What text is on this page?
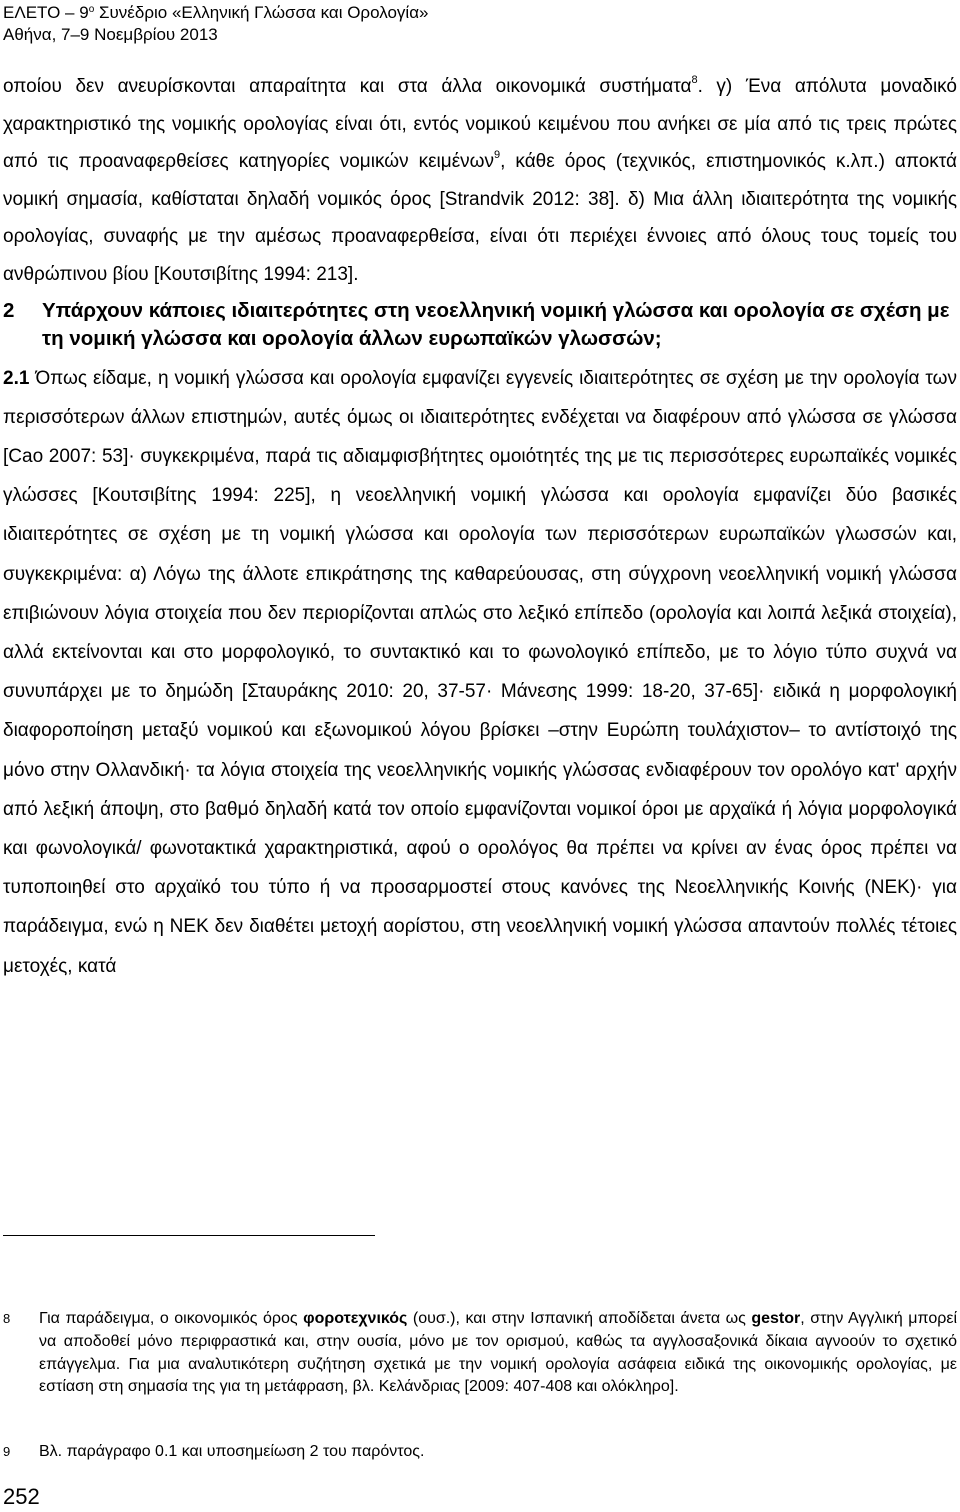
ΕΛΕΤΟ – $9^o$ Συνέδριο «Ελληνική Γλώσσα και Ορολογία»
Αθήνα, 7–9 Νοεμβρίου 2013

οποίου δεν ανευρίσκονται απαραίτητα και στα άλλα οικονομικά συστήματα$^8$. γ) Ένα απόλυτα μοναδικό χαρακτηριστικό της νομικής ορολογίας είναι ότι, εντός νομικού κειμένου που ανήκει σε μία από τις τρεις πρώτες από τις προαναφερθείσες κατηγορίες νομικών κειμένων$^9$, κάθε όρος (τεχνικός, επιστημονικός κ.λπ.) αποκτά νομική σημασία, καθίσταται δηλαδή νομικός όρος [Strandvik 2012: 38]. δ) Μια άλλη ιδιαιτερότητα της νομικής ορολογίας, συναφής με την αμέσως προαναφερθείσα, είναι ότι περιέχει έννοιες από όλους τους τομείς του ανθρώπινου βίου [Κουτσιβίτης 1994: 213].

2 Υπάρχουν κάποιες ιδιαιτερότητες στη νεοελληνική νομική γλώσσα και ορολογία σε σχέση με τη νομική γλώσσα και ορολογία άλλων ευρωπαϊκών γλωσσών;

2.1 Όπως είδαμε, η νομική γλώσσα και ορολογία εμφανίζει εγγενείς ιδιαιτερότητες σε σχέση με την ορολογία των περισσότερων άλλων επιστημών, αυτές όμως οι ιδιαιτερότητες ενδέχεται να διαφέρουν από γλώσσα σε γλώσσα [Cao 2007: 53]· συγκεκριμένα, παρά τις αδιαμφισβήτητες ομοιότητές της με τις περισσότερες ευρωπαϊκές νομικές γλώσσες [Κουτσιβίτης 1994: 225], η νεοελληνική νομική γλώσσα και ορολογία εμφανίζει δύο βασικές ιδιαιτερότητες σε σχέση με τη νομική γλώσσα και ορολογία των περισσότερων ευρωπαϊκών γλωσσών και, συγκεκριμένα: α) Λόγω της άλλοτε επικράτησης της καθαρεύουσας, στη σύγχρονη νεοελληνική νομική γλώσσα επιβιώνουν λόγια στοιχεία που δεν περιορίζονται απλώς στο λεξικό επίπεδο (ορολογία και λοιπά λεξικά στοιχεία), αλλά εκτείνονται και στο μορφολογικό, το συντακτικό και το φωνολογικό επίπεδο, με το λόγιο τύπο συχνά να συνυπάρχει με το δημώδη [Σταυράκης 2010: 20, 37-57· Μάνεσης 1999: 18-20, 37-65]· ειδικά η μορφολογική διαφοροποίηση μεταξύ νομικού και εξωνομικού λόγου βρίσκει –στην Ευρώπη τουλάχιστον– το αντίστοιχό της μόνο στην Ολλανδική· τα λόγια στοιχεία της νεοελληνικής νομικής γλώσσας ενδιαφέρουν τον ορολόγο κατ' αρχήν από λεξική άποψη, στο βαθμό δηλαδή κατά τον οποίο εμφανίζονται νομικοί όροι με αρχαϊκά ή λόγια μορφολογικά και φωνολογικά/ φωνοτακτικά χαρακτηριστικά, αφού ο ορολόγος θα πρέπει να κρίνει αν ένας όρος πρέπει να τυποποιηθεί στο αρχαϊκό του τύπο ή να προσαρμοστεί στους κανόνες της Νεοελληνικής Κοινής (ΝΕΚ)· για παράδειγμα, ενώ η ΝΕΚ δεν διαθέτει μετοχή αορίστου, στη νεοελληνική νομική γλώσσα απαντούν πολλές τέτοιες μετοχές, κατά

8 Για παράδειγμα, ο οικονομικός όρος φοροτεχνικός (ουσ.), και στην Ισπανική αποδίδεται άνετα ως gestor, στην Αγγλική μπορεί να αποδοθεί μόνο περιφραστικά και, στην ουσία, μόνο με τον ορισμού, καθώς τα αγγλοσαξονικά δίκαια αγνοούν το σχετικό επάγγελμα. Για μια αναλυτικότερη συζήτηση σχετικά με την νομική ορολογία ασάφεια ειδικά της οικονομικής ορολογίας, με εστίαση στη σημασία της για τη μετάφραση, βλ. Κελάνδριας [2009: 407-408 και ολόκληρο].
9 Βλ. παράγραφο 0.1 και υποσημείωση 2 του παρόντος.
252
